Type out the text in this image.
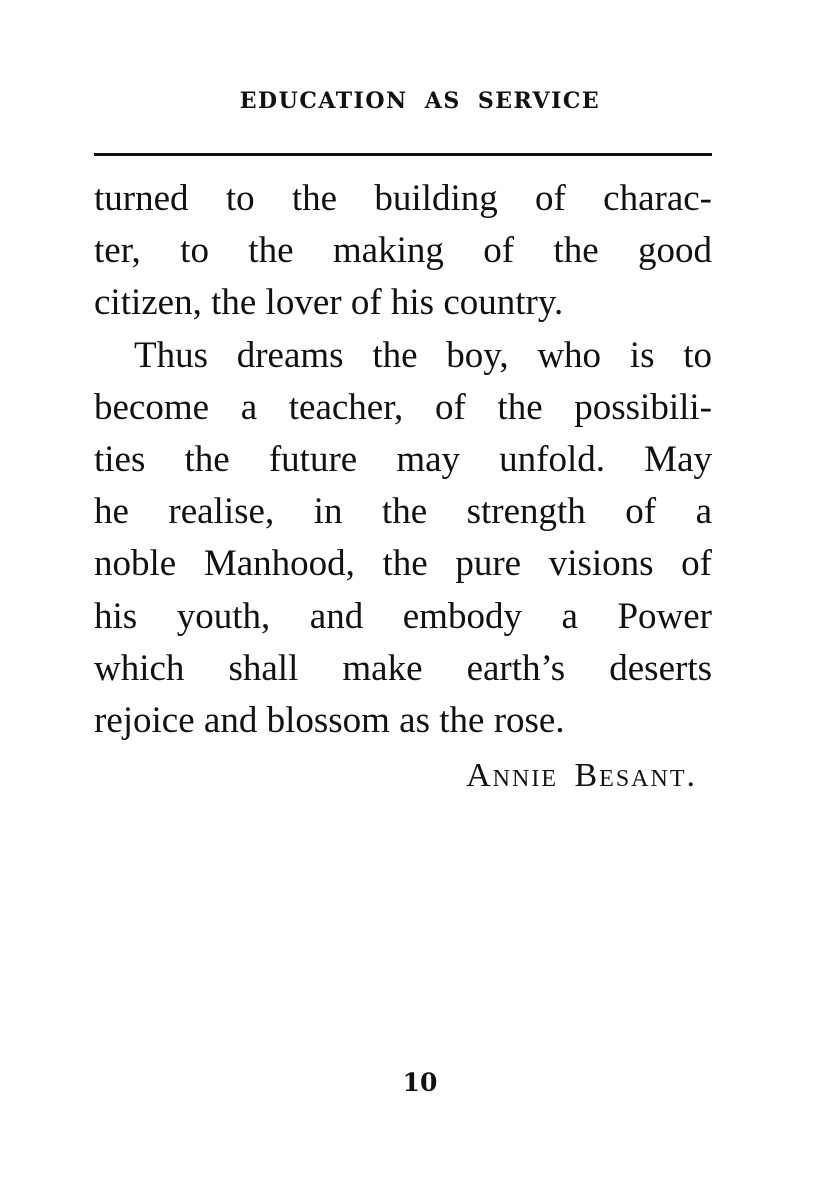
EDUCATION AS SERVICE
turned to the building of charac-
ter, to the making of the good
citizen, the lover of his country.
Thus dreams the boy, who is to
become a teacher, of the possibili-
ties the future may unfold. May
he realise, in the strength of a
noble Manhood, the pure visions of
his youth, and embody a Power
which shall make earth’s deserts
rejoice and blossom as the rose.
Annie Besant.
10
